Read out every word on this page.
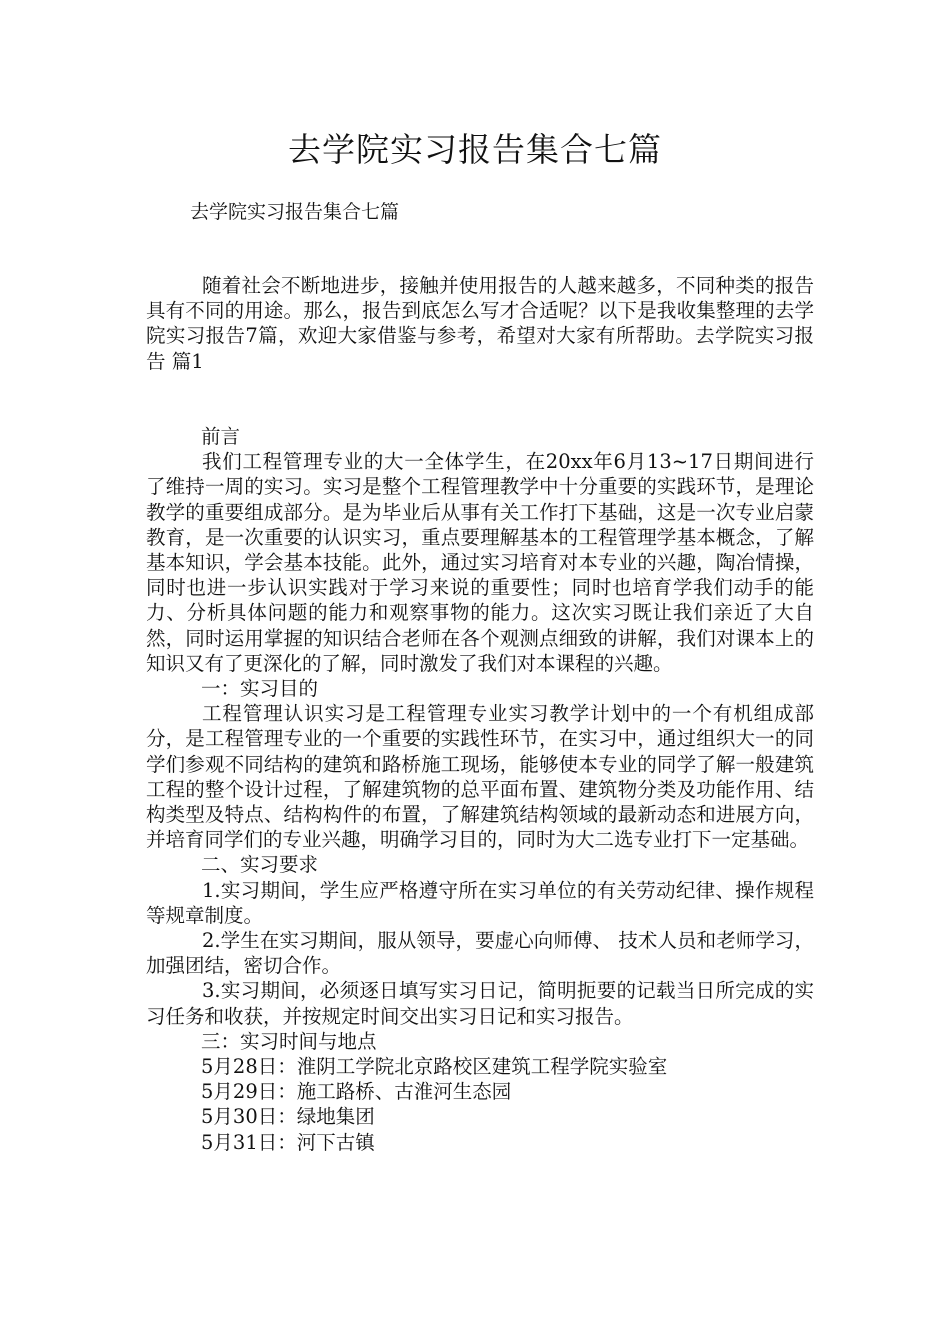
去学院实习报告集合七篇
去学院实习报告集合七篇

随着社会不断地进步，接触并使用报告的人越来越多，不同种类的报告具有不同的用途。那么，报告到底怎么写才合适呢？以下是我收集整理的去学院实习报告7篇，欢迎大家借鉴与参考，希望对大家有所帮助。去学院实习报告 篇1

前言

我们工程管理专业的大一全体学生，在20xx年6月13~17日期间进行了维持一周的实习。实习是整个工程管理教学中十分重要的实践环节，是理论教学的重要组成部分。是为毕业后从事有关工作打下基础，这是一次专业启蒙教育，是一次重要的认识实习，重点要理解基本的工程管理学基本概念，了解基本知识，学会基本技能。此外，通过实习培育对本专业的兴趣，陶冶情操，同时也进一步认识实践对于学习来说的重要性；同时也培育学我们动手的能力、分析具体问题的能力和观察事物的能力。这次实习既让我们亲近了大自然，同时运用掌握的知识结合老师在各个观测点细致的讲解，我们对课本上的知识又有了更深化的了解，同时激发了我们对本课程的兴趣。

一：实习目的

工程管理认识实习是工程管理专业实习教学计划中的一个有机组成部分，是工程管理专业的一个重要的实践性环节，在实习中，通过组织大一的同学们参观不同结构的建筑和路桥施工现场，能够使本专业的同学了解一般建筑工程的整个设计过程，了解建筑物的总平面布置、建筑物分类及功能作用、结构类型及特点、结构构件的布置，了解建筑结构领域的最新动态和进展方向，并培育同学们的专业兴趣，明确学习目的，同时为大二选专业打下一定基础。

二、实习要求

1.实习期间，学生应严格遵守所在实习单位的有关劳动纪律、操作规程等规章制度。

2.学生在实习期间，服从领导，要虚心向师傅、 技术人员和老师学习，加强团结，密切合作。

3.实习期间，必须逐日填写实习日记，简明扼要的记载当日所完成的实习任务和收获，并按规定时间交出实习日记和实习报告。

三：实习时间与地点

5月28日：淮阴工学院北京路校区建筑工程学院实验室

5月29日：施工路桥、古淮河生态园

5月30日：绿地集团

5月31日：河下古镇
